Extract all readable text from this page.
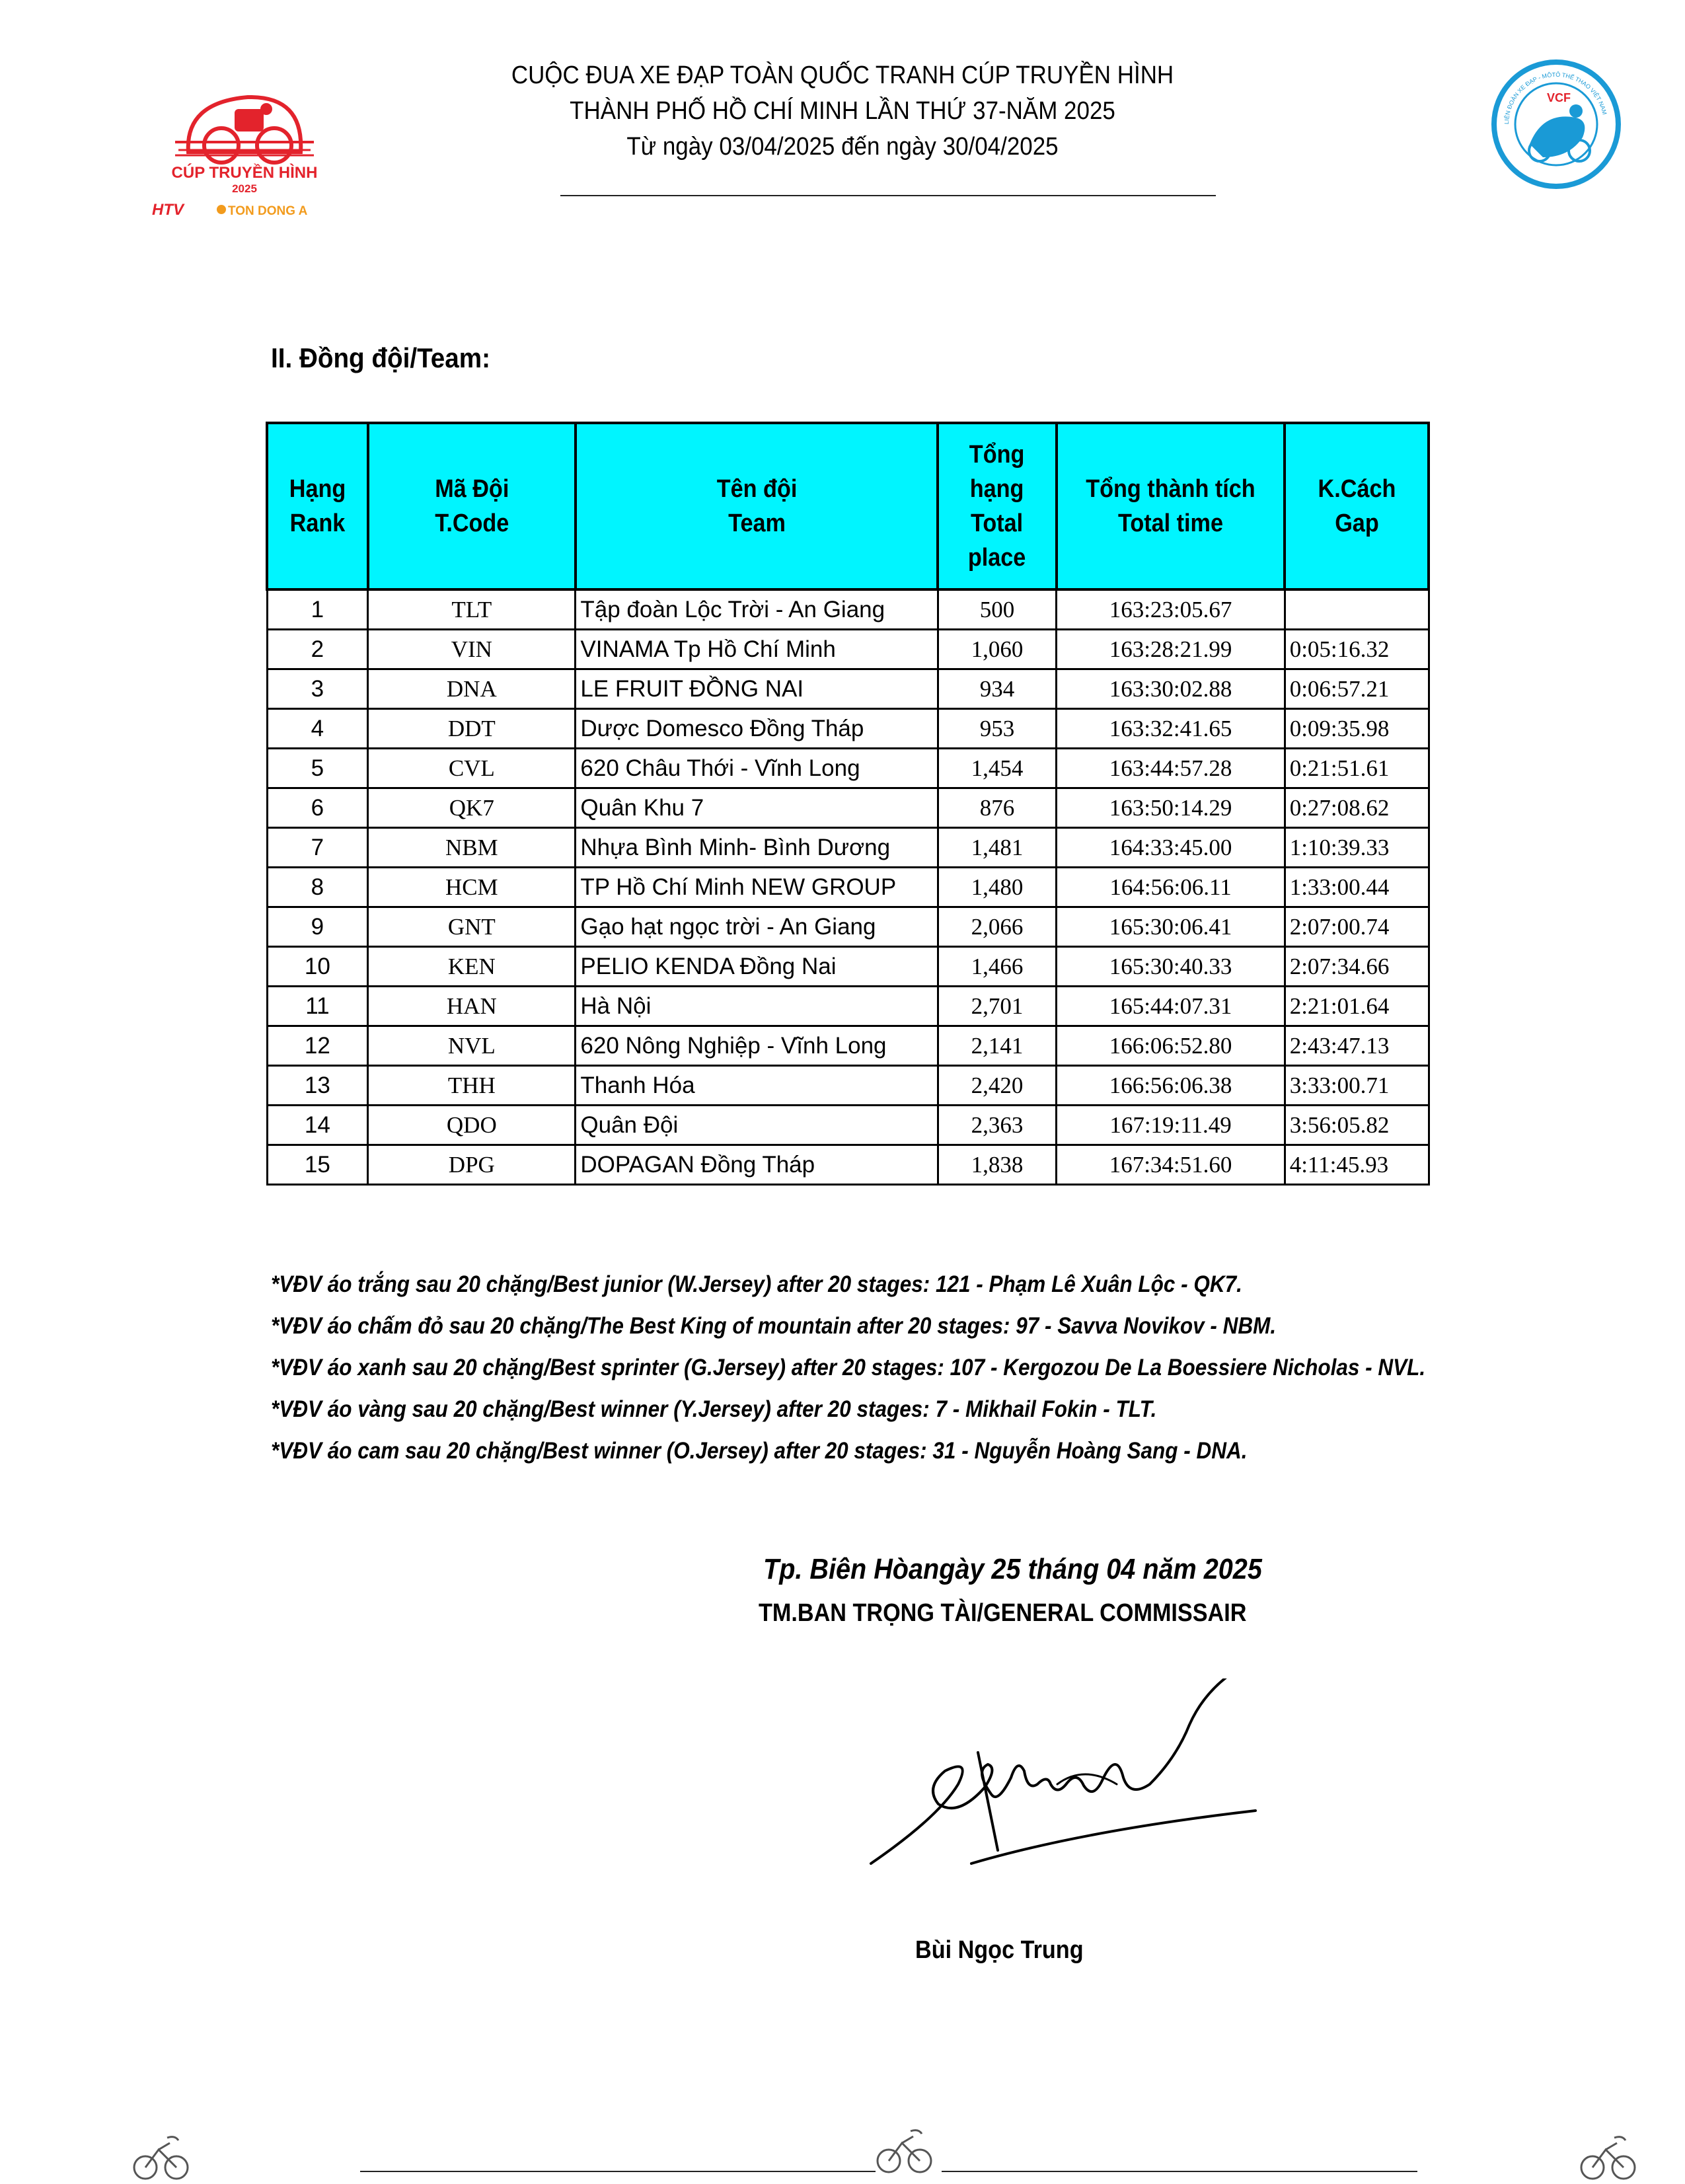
CUỘC ĐUA XE ĐẠP TOÀN QUỐC TRANH CÚP TRUYỀN HÌNH
THÀNH PHỐ HỒ CHÍ MINH LẦN THỨ 37-NĂM 2025
Từ ngày 03/04/2025 đến ngày 30/04/2025
CÚP TRUYỀN HÌNH
2025
HTV	TON DONG A
LIÊN ĐOÀN XE ĐẠP - MÔTÔ THỂ THAO VIỆT NAM
VCF
II. Đồng đội/Team:
Hạng
Rank	Mã Đội
T.Code	Tên đội
Team	Tổng
hạng
Total
place	Tổng thành tích
Total time	K.Cách
Gap
1	TLT	Tập đoàn Lộc Trời - An Giang	500	163:23:05.67	
2	VIN	VINAMA Tp Hồ Chí Minh	1,060	163:28:21.99	0:05:16.32
3	DNA	LE FRUIT ĐỒNG NAI	934	163:30:02.88	0:06:57.21
4	DDT	Dược Domesco Đồng Tháp	953	163:32:41.65	0:09:35.98
5	CVL	620 Châu Thới - Vĩnh Long	1,454	163:44:57.28	0:21:51.61
6	QK7	Quân Khu 7	876	163:50:14.29	0:27:08.62
7	NBM	Nhựa Bình Minh- Bình Dương	1,481	164:33:45.00	1:10:39.33
8	HCM	TP Hồ Chí Minh NEW GROUP	1,480	164:56:06.11	1:33:00.44
9	GNT	Gạo hạt ngọc trời - An Giang	2,066	165:30:06.41	2:07:00.74
10	KEN	PELIO KENDA Đồng Nai	1,466	165:30:40.33	2:07:34.66
11	HAN	Hà Nội	2,701	165:44:07.31	2:21:01.64
12	NVL	620 Nông Nghiệp - Vĩnh Long	2,141	166:06:52.80	2:43:47.13
13	THH	Thanh Hóa	2,420	166:56:06.38	3:33:00.71
14	QDO	Quân Đội	2,363	167:19:11.49	3:56:05.82
15	DPG	DOPAGAN Đồng Tháp	1,838	167:34:51.60	4:11:45.93
*VĐV áo trắng sau 20 chặng/Best junior (W.Jersey) after 20 stages: 121 - Phạm Lê Xuân Lộc - QK7.
*VĐV áo chấm đỏ sau 20 chặng/The Best King of mountain after 20 stages: 97 - Savva Novikov - NBM.
*VĐV áo xanh sau 20 chặng/Best sprinter (G.Jersey) after 20 stages: 107 - Kergozou De La Boessiere Nicholas - NVL.
*VĐV áo vàng sau 20 chặng/Best winner (Y.Jersey) after 20 stages: 7 - Mikhail Fokin - TLT.
*VĐV áo cam sau 20 chặng/Best winner (O.Jersey) after 20 stages: 31 - Nguyễn Hoàng Sang - DNA.
Tp. Biên Hòangày 25 tháng 04 năm 2025
TM.BAN TRỌNG TÀI/GENERAL COMMISSAIR
Bùi Ngọc Trung
